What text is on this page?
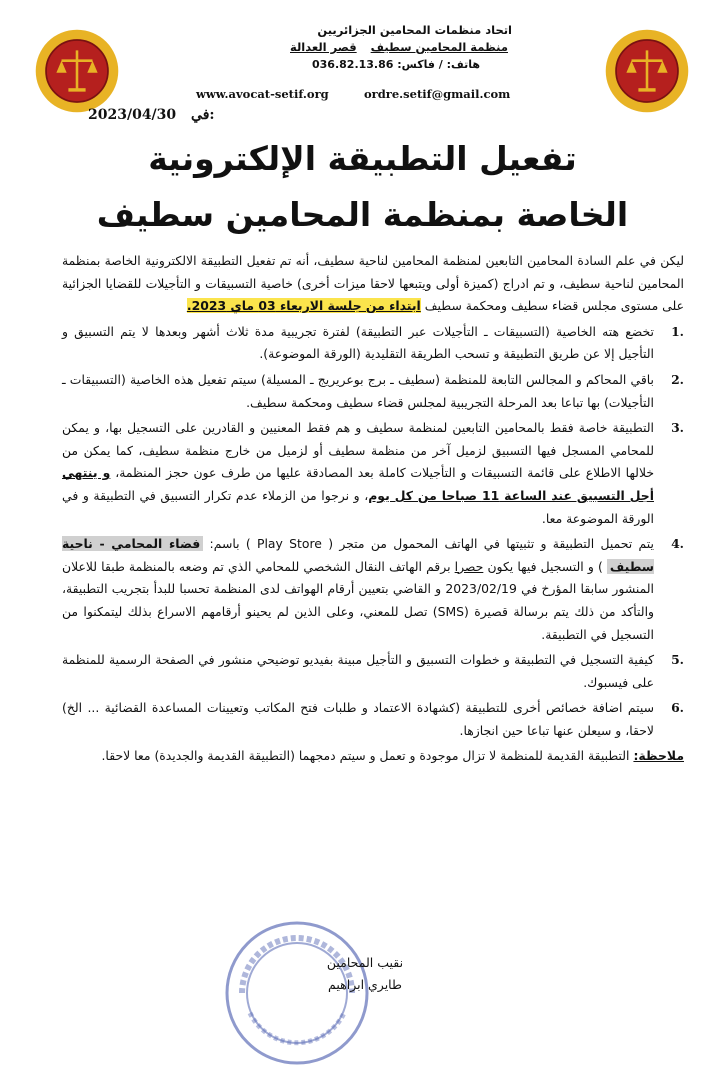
اتحاد منظمات المحامين الجزائريين
منظمة المحامين سطيف
قصر العدالة
هاتف: / فاكس: 036.82.13.86
www.avocat-setif.org	ordre.setif@gmail.com
2023/04/30 في:
تفعيل التطبيقة الإلكترونية
الخاصة بمنظمة المحامين سطيف

ليكن في علم السادة المحامين التابعين لمنظمة المحامين لناحية سطيف، أنه تم تفعيل التطبيقة الالكترونية الخاصة بمنظمة المحامين لناحية سطيف، و تم ادراج (كميزة أولى ويتبعها لاحقا ميزات أخرى) خاصية التسبيقات و التأجيلات للقضايا الجزائية على مستوى مجلس قضاء سطيف ومحكمة سطيف ابتداء من جلسة الاربعاء 03 ماي 2023.

1.
تخضع هته الخاصية (التسبيقات ـ التأجيلات عبر التطبيقة) لفترة تجريبية مدة ثلاث أشهر وبعدها لا يتم التسبيق و التأجيل إلا عن طريق التطبيقة و تسحب الطريقة التقليدية (الورقة الموضوعة).
2.
باقي المحاكم و المجالس التابعة للمنظمة (سطيف ـ برج بوعريريج ـ المسيلة) سيتم تفعيل هذه الخاصية (التسبيقات ـ التأجيلات) بها تباعا بعد المرحلة التجريبية لمجلس قضاء سطيف ومحكمة سطيف.
3.
التطبيقة خاصة فقط بالمحامين التابعين لمنظمة سطيف و هم فقط المعنيين و القادرين على التسجيل بها، و يمكن للمحامي المسجل فيها التسبيق لزميل آخر من منظمة سطيف أو لزميل من خارج منظمة سطيف، كما يمكن من خلالها الاطلاع على قائمة التسبيقات و التأجيلات كاملة بعد المصادقة عليها من طرف عون حجز المنظمة، و ينتهي أجل التسبيق عند الساعة 11 صباحا من كل يوم، و نرجوا من الزملاء عدم تكرار التسبيق في التطبيقة و في الورقة الموضوعة معا.
4.
يتم تحميل التطبيقة و تثبيتها في الهاتف المحمول من متجر ( Play Store ) باسم: فضاء المحامي - ناحية سطيف ) و التسجيل فيها يكون حصرا برقم الهاتف النقال الشخصي للمحامي الذي تم وضعه بالمنظمة طبقا للاعلان المنشور سابقا المؤرخ في 2023/02/19 و القاضي بتعيين أرقام الهواتف لدى المنظمة تحسبا للبدأ بتجريب التطبيقة، والتأكد من ذلك يتم برسالة قصيرة (SMS) تصل للمعني، وعلى الذين لم يحينو أرقامهم الاسراع بذلك ليتمكنوا من التسجيل في التطبيقة.
5.
كيفية التسجيل في التطبيقة و خطوات التسبيق و التأجيل مبينة بفيديو توضيحي منشور في الصفحة الرسمية للمنظمة على فيسبوك.
6.
سيتم اضافة خصائص أخرى للتطبيقة (كشهادة الاعتماد و طلبات فتح المكاتب وتعيينات المساعدة القضائية ... الخ) لاحقا، و سيعلن عنها تباعا حين انجازها.

ملاحظة: التطبيقة القديمة للمنظمة لا تزال موجودة و تعمل و سيتم دمجهما (التطبيقة القديمة والجديدة) معا لاحقا.

نقيب المحامين
طايري ابراهيم
